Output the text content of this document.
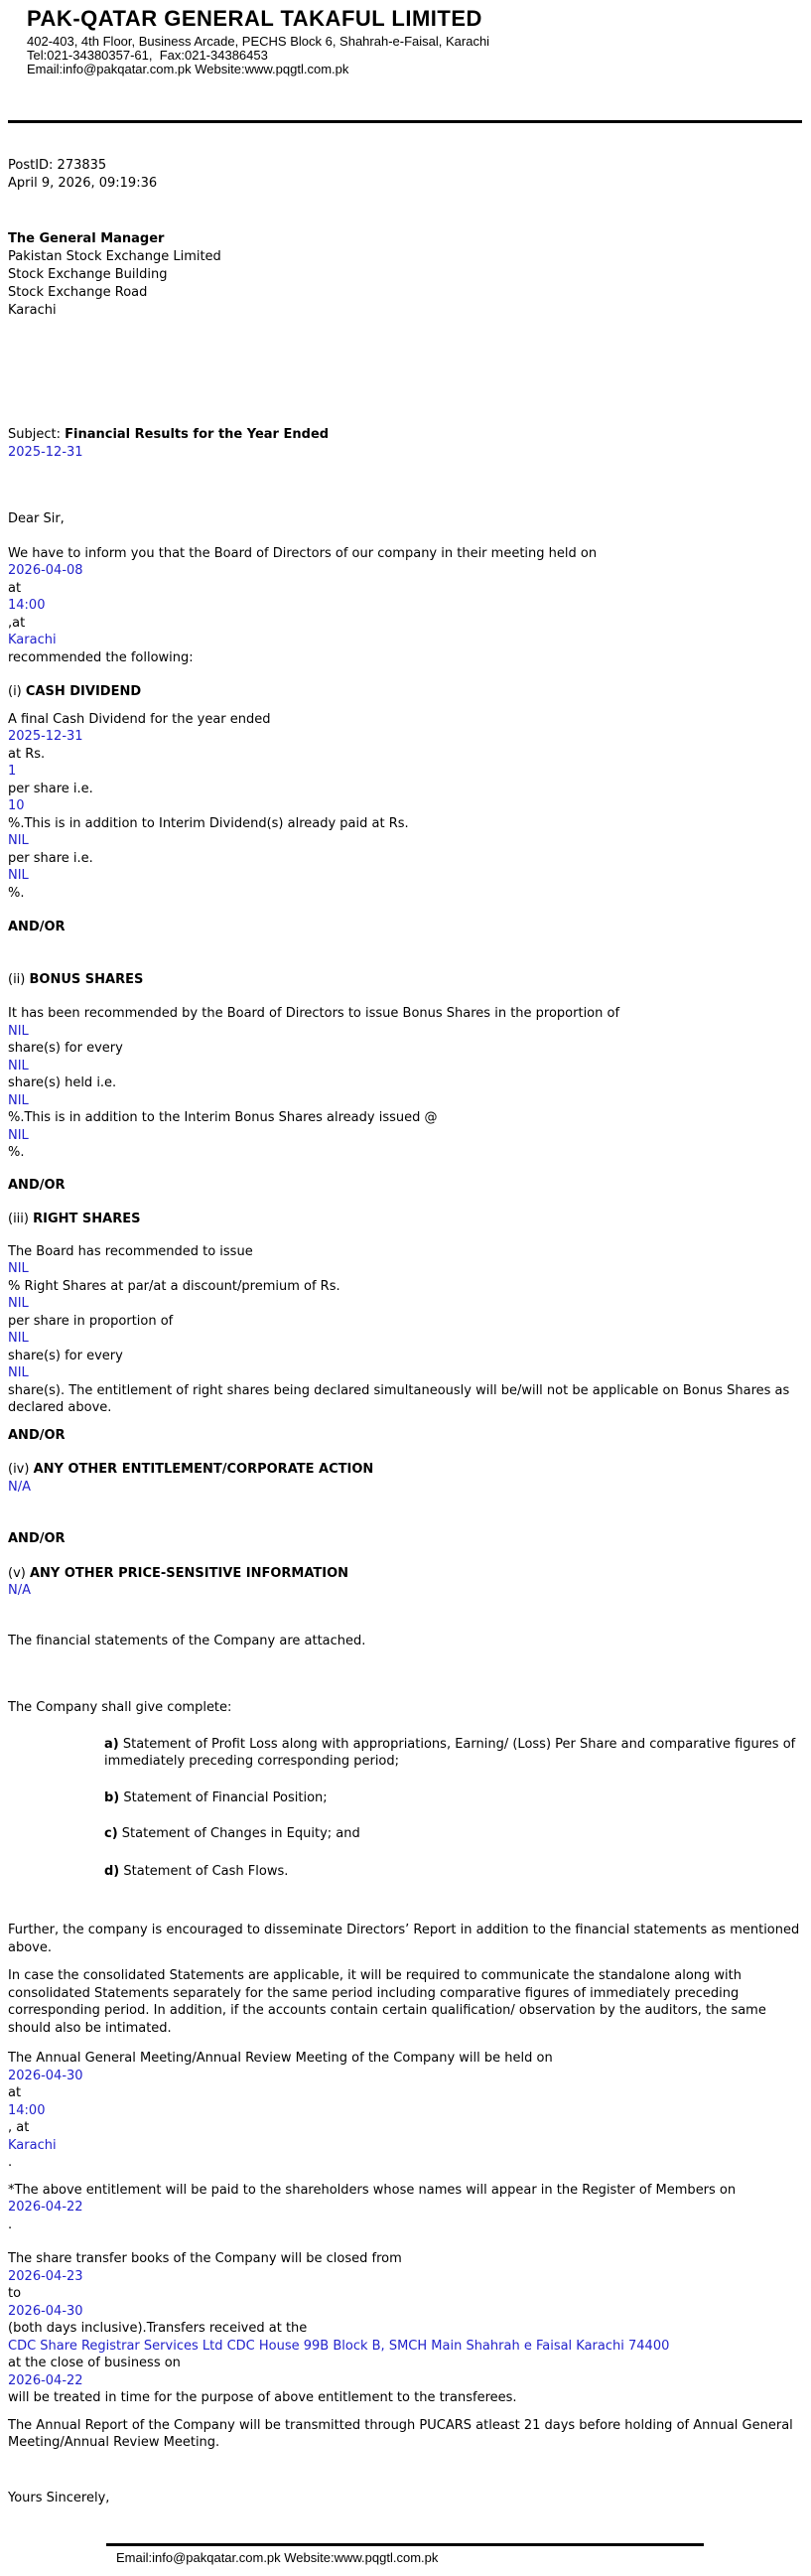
PAK-QATAR GENERAL TAKAFUL LIMITED
402-403, 4th Floor, Business Arcade, PECHS Block 6, Shahrah-e-Faisal, Karachi
Tel:021-34380357-61,  Fax:021-34386453
Email:info@pakqatar.com.pk Website:www.pqgtl.com.pk
PostID: 273835
April 9, 2026, 09:19:36
The General Manager
Pakistan Stock Exchange Limited
Stock Exchange Building
Stock Exchange Road
Karachi
Subject: Financial Results for the Year Ended
2025-12-31
Dear Sir,
We have to inform you that the Board of Directors of our company in their meeting held on
2026-04-08
at
14:00
,at
Karachi
recommended the following:
(i) CASH DIVIDEND
A final Cash Dividend for the year ended
2025-12-31
at Rs.
1
per share i.e.
10
%.This is in addition to Interim Dividend(s) already paid at Rs.
NIL
per share i.e.
NIL
%.
AND/OR
(ii) BONUS SHARES
It has been recommended by the Board of Directors to issue Bonus Shares in the proportion of
NIL
share(s) for every
NIL
share(s) held i.e.
NIL
%.This is in addition to the Interim Bonus Shares already issued @
NIL
%.
AND/OR
(iii) RIGHT SHARES
The Board has recommended to issue
NIL
% Right Shares at par/at a discount/premium of Rs.
NIL
per share in proportion of
NIL
share(s) for every
NIL
share(s). The entitlement of right shares being declared simultaneously will be/will not be applicable on Bonus Shares as declared above.
AND/OR
(iv) ANY OTHER ENTITLEMENT/CORPORATE ACTION
N/A
AND/OR
(v) ANY OTHER PRICE-SENSITIVE INFORMATION
N/A
The financial statements of the Company are attached.
The Company shall give complete:
a) Statement of Profit Loss along with appropriations, Earning/ (Loss) Per Share and comparative figures of immediately preceding corresponding period;
b) Statement of Financial Position;
c) Statement of Changes in Equity; and
d) Statement of Cash Flows.
Further, the company is encouraged to disseminate Directors’ Report in addition to the financial statements as mentioned above.
In case the consolidated Statements are applicable, it will be required to communicate the standalone along with consolidated Statements separately for the same period including comparative figures of immediately preceding corresponding period. In addition, if the accounts contain certain qualification/ observation by the auditors, the same should also be intimated.
The Annual General Meeting/Annual Review Meeting of the Company will be held on
2026-04-30
at
14:00
, at
Karachi
.
*The above entitlement will be paid to the shareholders whose names will appear in the Register of Members on
2026-04-22
.
The share transfer books of the Company will be closed from
2026-04-23
to
2026-04-30
(both days inclusive).Transfers received at the
CDC Share Registrar Services Ltd CDC House 99B Block B, SMCH Main Shahrah e Faisal Karachi 74400
at the close of business on
2026-04-22
will be treated in time for the purpose of above entitlement to the transferees.
The Annual Report of the Company will be transmitted through PUCARS atleast 21 days before holding of Annual General Meeting/Annual Review Meeting.
Yours Sincerely,
Email:info@pakqatar.com.pk Website:www.pqgtl.com.pk
